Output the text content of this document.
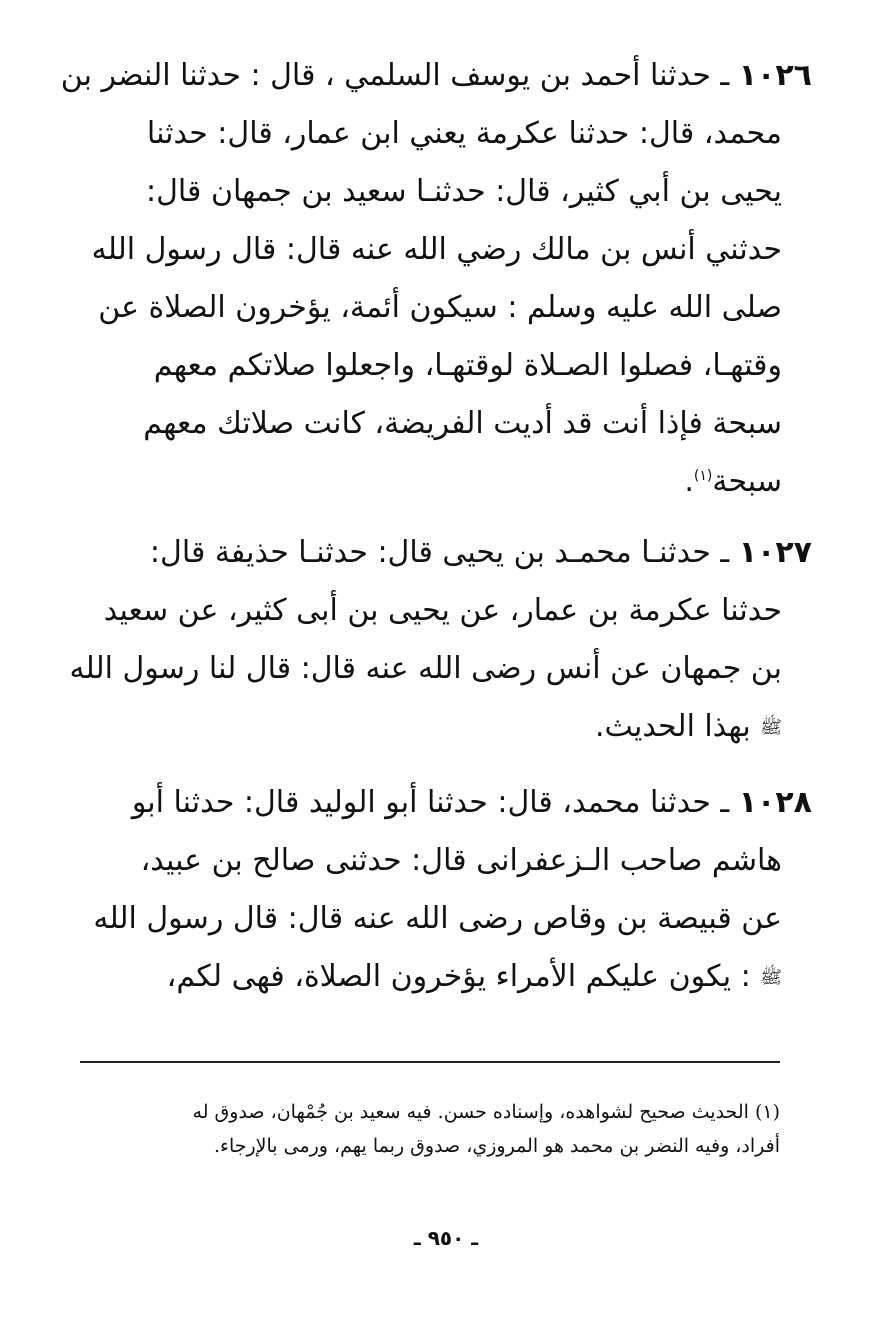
١٠٢٦ ـ حدثنا أحمد بن يوسف السلمي ، قال : حدثنا النضر بن
محمد، قال: حدثنا عكرمة يعني ابن عمار، قال: حدثنا
يحيى بن أبي كثير، قال: حدثنـا سعيد بن جمهان قال:
حدثني أنس بن مالك رضي الله عنه قال: قال رسول الله
صلى الله عليه وسلم : سيكون أئمة، يؤخرون الصلاة عن
وقتهـا، فصلوا الصـلاة لوقتهـا، واجعلوا صلاتكم معهم
سبحة فإذا أنت قد أديت الفريضة، كانت صلاتك معهم
سبحة$^{(١)}$.
١٠٢٧ ـ حدثنـا محمـد بن يحيى قال: حدثنـا حذيفة قال:
حدثنا عكرمة بن عمار، عن يحيى بن أبى كثير، عن سعيد
بن جمهان عن أنس رضى الله عنه قال: قال لنا رسول الله
ﷺ بهذا الحديث.
١٠٢٨ ـ حدثنا محمد، قال: حدثنا أبو الوليد قال: حدثنا أبو
هاشم صاحب الـزعفرانى قال: حدثنى صالح بن عبيد،
عن قبيصة بن وقاص رضى الله عنه قال: قال رسول الله
ﷺ : يكون عليكم الأمراء يؤخرون الصلاة، فهى لكم،
(١) الحديث صحيح لشواهده، وإسناده حسن. فيه سعيد بن جُمْهان، صدوق له
أفراد، وفيه النضر بن محمد هو المروزي، صدوق ربما يهم، ورمى بالإرجاء.
ـ ٩٥٠ ـ
